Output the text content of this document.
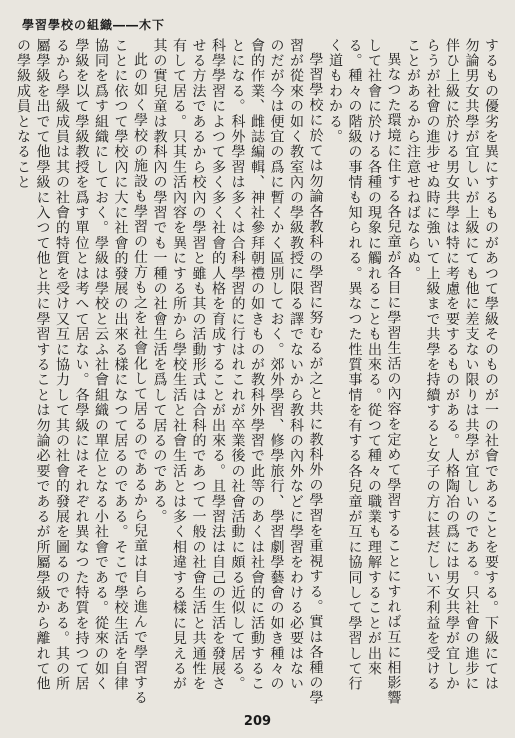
學習學校の組織――木下

するもの優劣を異にするものがあつて學級そのものが一の社會であることを要する。下級にては勿論男女共學が宜しいが上級にても他に差支ない限りは共學が宜しいのである。只社會の進步に伴ひ上級に於ける男女共學は特に考慮を要するものがある。人格陶冶の爲には男女共學が宜しからうが社會の進步せぬ時に強いて上級まで共學を持續すると女子の方に甚だしい不利益を受けることがあるから注意せねばならぬ。

異なつた環境に住する各兒童が各目に學習生活の內容を定めて學習することにすれば互に相影響して社會に於ける各種の現象に觸れることも出來る。從つて種々の職業も理解することが出來る。種々の階級の事情も知られる。異なつた性質事情を有する各兒童が互に協同して學習して行く道もわかる。

學習學校に於ては勿論各教科の學習に努むるが之と共に教科外の學習を重視する。實は各種の學習が從來の如く教室內の學級教授に限る譯でないから教科の內外などに學習をわける必要はないのだが今は便宜の爲に暫くかく區別しておく。郊外學習、修學旅行、學習劇學藝會の如き種々の會的作業、雌誌編輯、神社參拜朝禮の如きものが教科外學習で此等のあくは社會的に活動することになる。科外學習は多くは合科學習的に行はれこれが卒業後の社會活動に頗る近似して居る。科學學習によつて多く多く社會的人格を育成することが出來る。且學習法は自己の生活を發展させる方法であるから校內の學習と雖も其の活動形式は合科的であつて一般の社會生活と共通性を有して居る。只其生活內容を異にする所から學校生活と社會生活とは多く相違する樣に見えるが其の實兒童は教科內の學習でも一種の社會生活を爲して居るのである。

此の如く學校の施設も學習の仕方も之を社會化して居るのであるから兒童は自ら進んで學習することに依つて學校內に大に社會的發展の出來る樣になつて居るのである。そこで學校生活を自律協同を爲す組織にしておく。學級は學校と云ふ社會組織の單位となる小社會である。從來の如く學級を以て學級教授を爲す單位とは考へて居ない。各學級にはそれぞれ異なつた特質を持つて居るから學級成員は其の社會的特質を受け又互に協力して其の社會的發展を圖るのである。其の所屬學級を出でて他學級に入つて他と共に學習することは勿論必要であるが所屬學級から離れて他の學級成員となること

209
